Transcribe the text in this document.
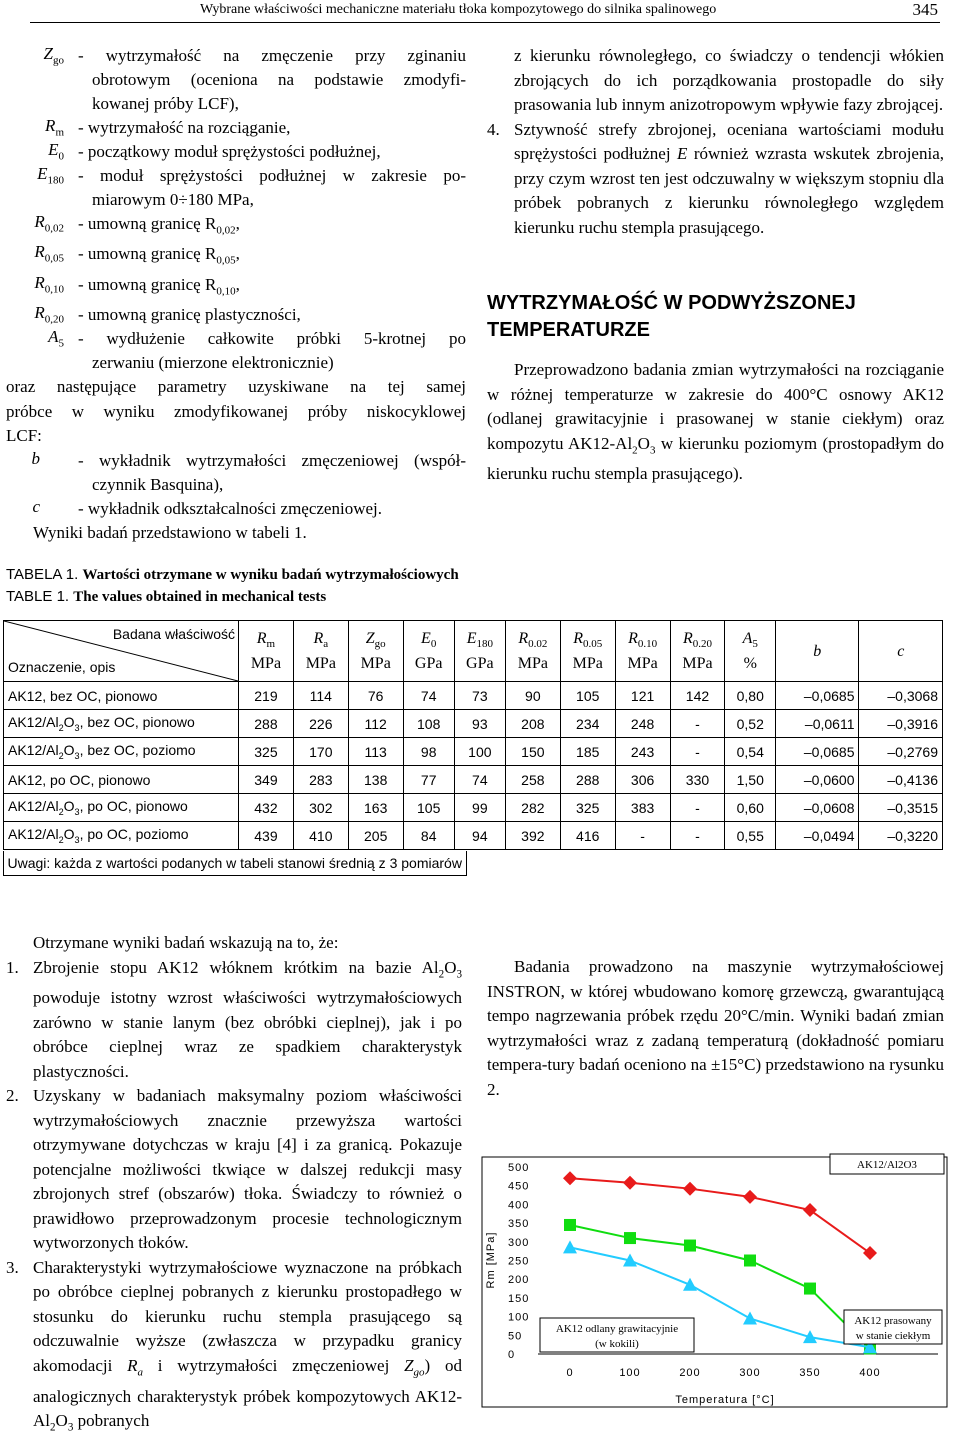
Wybrane właściwości mechaniczne materiału tłoka kompozytowego do silnika spalinowego	345
$Z_{go}$ - wytrzymałość na zmęczenie przy zginaniu
obrotowym (oceniona na podstawie zmodyfi-
kowanej próby LCF),
$R_m$ - wytrzymałość na rozciąganie,
$E_0$ - początkowy moduł sprężystości podłużnej,
$E_{180}$ - moduł sprężystości podłużnej w zakresie po-
miarowym 0÷180 MPa,
$R_{0,02}$ - umowną granicę $R_{0,02}$,
$R_{0,05}$ - umowną granicę $R_{0,05}$,
$R_{0,10}$ - umowną granicę $R_{0,10}$,
$R_{0,20}$ - umowną granicę plastyczności,
$A_5$ - wydłużenie całkowite próbki 5-krotnej po
zerwaniu (mierzone elektronicznie)
oraz następujące parametry uzyskiwane na tej samej
próbce w wyniku zmodyfikowanej próby niskocyklowej
LCF:
b - wykładnik wytrzymałości zmęczeniowej (współ-
czynnik Basquina),
c - wykładnik odkształcalności zmęczeniowej.
Wyniki badań przedstawiono w tabeli 1.
z kierunku równoległego, co świadczy o tendencji włókien zbrojących do ich porządkowania prostopadle do siły prasowania lub innym anizotropowym wpływie fazy zbrojącej.
4. Sztywność strefy zbrojonej, oceniana wartościami modułu sprężystości podłużnej E również wzrasta wskutek zbrojenia, przy czym wzrost ten jest odczuwalny w większym stopniu dla próbek pobranych z kierunku równoległego względem kierunku ruchu stempla prasującego.
WYTRZYMAŁOŚĆ W PODWYŻSZONEJ TEMPERATURZE
Przeprowadzono badania zmian wytrzymałości na rozciąganie w różnej temperaturze w zakresie do 400°C osnowy AK12 (odlanej grawitacyjnie i prasowanej w stanie ciekłym) oraz kompozytu $AK12-Al_2O_3$ w kierunku poziomym (prostopadłym do kierunku ruchu stempla prasującego).
TABELA 1. Wartości otrzymane w wyniku badań wytrzymałościowych
TABLE 1. The values obtained in mechanical tests
Badana właściwość
Oznaczenie, opis	$R_m$
MPa	$R_a$
MPa	$Z_{go}$
MPa	$E_0$
GPa	$E_{180}$
GPa	$R_{0.02}$
MPa	$R_{0.05}$
MPa	$R_{0.10}$
MPa	$R_{0.20}$
MPa	$A_5$
%	b	c
AK12, bez OC, pionowo	219	114	76	74	73	90	105	121	142	0,80	–0,0685	–0,3068
$AK12/Al_2O_3$, bez OC, pionowo	288	226	112	108	93	208	234	248	-	0,52	–0,0611	–0,3916
$AK12/Al_2O_3$, bez OC, poziomo	325	170	113	98	100	150	185	243	-	0,54	–0,0685	–0,2769
AK12, po OC, pionowo	349	283	138	77	74	258	288	306	330	1,50	–0,0600	–0,4136
$AK12/Al_2O_3$, po OC, pionowo	432	302	163	105	99	282	325	383	-	0,60	–0,0608	–0,3515
$AK12/Al_2O_3$, po OC, poziomo	439	410	205	84	94	392	416	-	-	0,55	–0,0494	–0,3220
Uwagi: każda z wartości podanych w tabeli stanowi średnią z 3 pomiarów												
Otrzymane wyniki badań wskazują na to, że:
1. Zbrojenie stopu AK12 włóknem krótkim na bazie $Al_2O_3$ powoduje istotny wzrost właściwości wytrzymałościowych zarówno w stanie lanym (bez obróbki cieplnej), jak i po obróbce cieplnej wraz ze spadkiem charakterystyk plastyczności.
2. Uzyskany w badaniach maksymalny poziom właściwości wytrzymałościowych znacznie przewyższa wartości otrzymywane dotychczas w kraju [4] i za granicą. Pokazuje potencjalne możliwości tkwiące w dalszej redukcji masy zbrojonych stref (obszarów) tłoka. Świadczy to również o prawidłowo przeprowadzonym procesie technologicznym wytworzonych tłoków.
3. Charakterystyki wytrzymałościowe wyznaczone na próbkach po obróbce cieplnej pobranych z kierunku prostopadłego w stosunku do kierunku ruchu stempla prasującego są odczuwalnie wyższe (zwłaszcza w przypadku granicy akomodacji $R_a$ i wytrzymałości zmęczeniowej $Z_{go}$) od analogicznych charakterystyk próbek kompozytowych $AK12-Al_2O_3$ pobranych
Badania prowadzono na maszynie wytrzymałościowej INSTRON, w której wbudowano komorę grzewczą, gwarantującą tempo nagrzewania próbek rzędu 20°C/min. Wyniki badań zmian wytrzymałości wraz z zadaną temperaturą (dokładność pomiaru tempera-tury badań oceniono na ±15°C) przedstawiono na rysunku 2.
500
450
400
350
300
250
200
150
100
50
0
0	100	200	300	350	400
Rm [MPa]
Temperatura [°C]
AK12/Al2O3
AK12 odlany grawitacyjnie
(w kokili)
AK12 prasowany
w stanie ciekłym
